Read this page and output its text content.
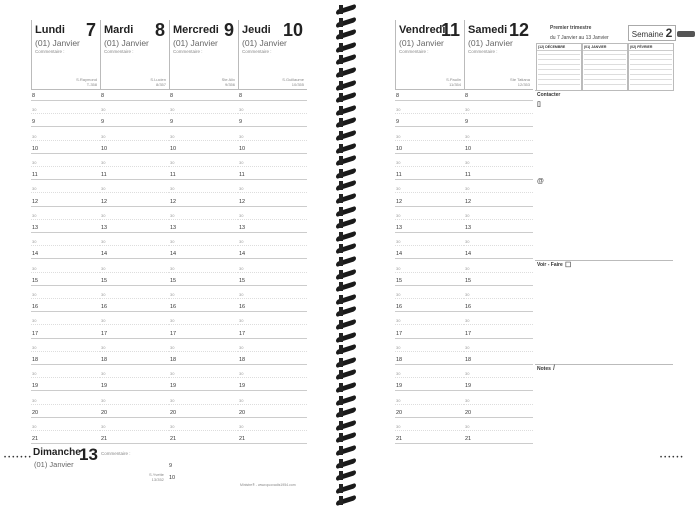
Lundi 7
(01) Janvier
Commentaire :
S.Raymond
T-358
8
30
9
30
10
30
11
30
12
30
13
30
14
30
15
30
16
30
17
30
18
30
19
30
20
30
21
Mardi 8
(01) Janvier
Commentaire :
S.Lucien
8/357
8
30
9
30
10
30
11
30
12
30
13
30
14
30
15
30
16
30
17
30
18
30
19
30
20
30
21
Mercredi 9
(01) Janvier
Commentaire :
Ste Alix
9/356
8
30
9
30
10
30
11
30
12
30
13
30
14
30
15
30
16
30
17
30
18
30
19
30
20
30
21
Jeudi 10
(01) Janvier
Commentaire :
S.Guillaume
10/355
8
30
9
30
10
30
11
30
12
30
13
30
14
30
15
30
16
30
17
30
18
30
19
30
20
30
21
Dimanche
13
(01) Janvier
Commentaire :
S.Yvette
13/352
9
10
Ministre® - www.quovadis1954.com
•••••••
Vendredi
11
(01) Janvier
Commentaire :
S.Paulin
11/354
8
30
9
30
10
30
11
30
12
30
13
30
14
30
15
30
16
30
17
30
18
30
19
30
20
30
21
Samedi 12
(01) Janvier
Commentaire :
Ste Tatiana
12/353
8
30
9
30
10
30
11
30
12
30
13
30
14
30
15
30
16
30
17
30
18
30
19
30
20
30
21
••••••
Premier trimestre
du 7 Janvier au 13 Janvier	Semaine 2
(12) DÉCEMBRE	(01) JANVIER	(02) FÉVRIER
Contacter
▯
@
Voir - Faire ☐
Notes /
